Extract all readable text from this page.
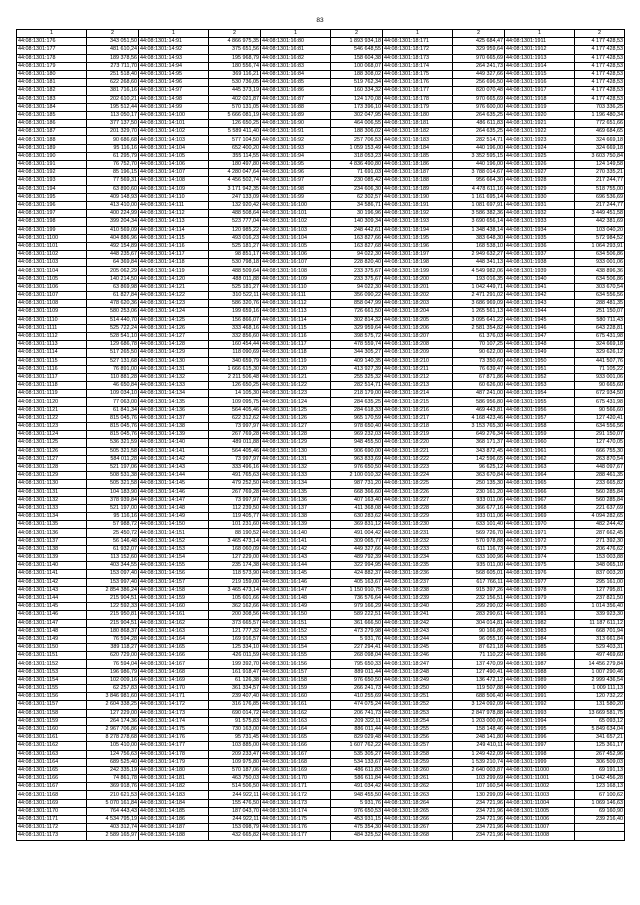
83
1	2	1	2	1	2	1	2	1	2
44:08:1301:176	343 051,50	44:08:1301:14:91	4 866 975,35	44:08:1301:16:80	1 893 934,18	44:08:1301:18:171	425 684,47	44:08:1301:1911	4 177 428,53
44:08:1301:177	481 610,24	44:08:1301:14:92	375 651,56	44:08:1301:16:81	546 648,55	44:08:1301:18:172	329 959,64	44:08:1301:1912	4 177 428,53
44:08:1301:178	189 378,56	44:08:1301:14:93	195 968,79	44:08:1301:16:82	158 604,38	44:08:1301:18:173	970 665,69	44:08:1301:1913	4 177 428,53
44:08:1301:179	273 711,70	44:08:1301:14:94	180 556,74	44:08:1301:16:83	100 068,07	44:08:1301:18:174	264 241,73	44:08:1301:1914	4 177 428,53
44:08:1301:180	251 518,40	44:08:1301:14:95	369 116,21	44:08:1301:16:84	188 308,02	44:08:1301:18:175	449 327,66	44:08:1301:1915	4 177 428,53
44:08:1301:181	622 268,60	44:08:1301:14:96	530 736,05	44:08:1301:16:85	519 762,34	44:08:1301:18:176	256 696,50	44:08:1301:1916	4 177 428,53
44:08:1301:182	381 716,16	44:08:1301:14:97	445 373,19	44:08:1301:16:86	160 334,32	44:08:1301:18:177	820 070,48	44:08:1301:1917	4 177 428,53
44:08:1301:183	202 610,21	44:08:1301:14:98	402 021,87	44:08:1301:16:87	124 170,08	44:08:1301:18:178	970 665,69	44:08:1301:1918	4 177 428,53
44:08:1301:184	195 512,44	44:08:1301:14:99	570 131,05	44:08:1301:16:88	173 396,10	44:08:1301:18:179	976 600,00	44:08:1301:1919	703 336,25
44:08:1301:185	113 050,17	44:08:1301:14:100	5 666 081,19	44:08:1301:16:89	302 047,95	44:08:1301:18:180	264 635,25	44:08:1301:1920	1 196 480,34
44:08:1301:186	377 137,50	44:08:1301:14:101	126 650,25	44:08:1301:16:90	464 006,55	44:08:1301:18:181	486 611,83	44:08:1301:1921	772 651,66
44:08:1301:187	201 329,70	44:08:1301:14:102	5 589 411,40	44:08:1301:16:91	188 306,02	44:08:1301:18:182	264 635,25	44:08:1301:1922	469 684,65
44:08:1301:188	90 686,68	44:08:1301:14:103	577 104,50	44:08:1301:16:92	257 706,53	44:08:1301:18:183	282 514,71	44:08:1301:1923	324 669,18
44:08:1301:189	95 116,16	44:08:1301:14:104	652 400,20	44:08:1301:16:93	1 059 153,49	44:08:1301:18:184	440 196,00	44:08:1301:1924	324 669,18
44:08:1301:190	61 295,79	44:08:1301:14:105	355 114,55	44:08:1301:16:94	318 053,23	44:08:1301:18:185	3 352 595,15	44:08:1301:1925	3 603 750,84
44:08:1301:191	76 752,70	44:08:1301:14:106	180 497,80	44:08:1301:16:95	4 836 490,80	44:08:1301:18:186	440 196,00	44:08:1301:1926	124 149,58
44:08:1301:192	85 196,15	44:08:1301:14:107	4 280 047,64	44:08:1301:16:96	71 691,03	44:08:1301:18:187	3 788 014,67	44:08:1301:1927	270 335,21
44:08:1301:193	77 569,31	44:08:1301:14:108	4 456 502,74	44:08:1301:16:97	230 085,42	44:08:1301:18:188	956 664,30	44:08:1301:1928	217 244,77
44:08:1301:194	63 890,60	44:08:1301:14:109	3 171 942,35	44:08:1301:16:98	234 606,30	44:08:1301:18:189	4 478 611,16	44:08:1301:1929	518 755,00
44:08:1301:195	409 148,93	44:08:1301:14:110	247 133,09	44:08:1301:16:99	62 302,57	44:08:1301:18:190	1 161 695,14	44:08:1301:1930	696 536,69
44:08:1301:196	413 410,00	44:08:1301:14:111	132 920,42	44:08:1301:16:100	34 586,71	44:08:1301:18:191	1 081 697,91	44:08:1301:1931	217 244,77
44:08:1301:197	400 224,99	44:08:1301:14:112	488 508,64	44:08:1301:16:101	30 196,96	44:08:1301:18:192	3 586 382,36	44:08:1301:1932	3 449 451,58
44:08:1301:198	399 204,34	44:08:1301:14:113	523 777,04	44:08:1301:16:102	140 309,34	44:08:1301:18:193	3 690 656,14	44:08:1301:1933	442 381,69
44:08:1301:199	410 569,09	44:08:1301:14:114	120 985,22	44:08:1301:16:103	248 442,61	44:08:1301:18:194	1 348 438,14	44:08:1301:1934	103 040,20
44:08:1301:1100	404 886,96	44:08:1301:14:115	493 016,23	44:08:1301:16:104	163 827,66	44:08:1301:18:195	383 648,30	44:08:1301:1935	572 984,52
44:08:1301:1101	492 154,89	44:08:1301:14:116	525 181,27	44:08:1301:16:105	163 827,68	44:08:1301:18:196	168 538,10	44:08:1301:1936	1 064 293,91
44:08:1301:1102	448 235,67	44:08:1301:14:117	98 851,17	44:08:1301:16:106	94 022,30	44:08:1301:18:197	2 949 632,27	44:08:1301:1937	634 506,86
44:08:1301:1103	64 369,84	44:08:1301:14:118	530 798,18	44:08:1301:16:107	228 820,40	44:08:1301:18:198	448 341,13	44:08:1301:1938	933 001,06
44:08:1301:1104	205 062,29	44:08:1301:14:119	488 509,64	44:08:1301:16:108	233 375,67	44:08:1301:18:199	4 549 982,06	44:08:1301:1939	438 896,36
44:08:1301:1105	140 214,50	44:08:1301:14:120	488 011,88	44:08:1301:16:109	233 375,67	44:08:1301:18:200	193 016,35	44:08:1301:1940	634 506,86
44:08:1301:1106	63 869,98	44:08:1301:14:121	525 181,27	44:08:1301:16:110	94 022,30	44:08:1301:18:201	1 042 449,71	44:08:1301:1941	303 670,54
44:08:1301:1107	61 827,84	44:08:1301:14:122	310 522,11	44:08:1301:16:111	356 090,22	44:08:1301:18:202	2 471 291,02	44:08:1301:1942	634 556,56
44:08:1301:1108	478 620,36	44:08:1301:14:123	586 320,76	44:08:1301:16:112	858 047,99	44:08:1301:18:203	3 686 969,09	44:08:1301:1943	288 481,35
44:08:1301:1109	580 253,06	44:08:1301:14:124	199 659,16	44:08:1301:16:113	726 661,50	44:08:1301:18:204	1 265 561,13	44:08:1301:1944	251 150,07
44:08:1301:1110	514 440,70	44:08:1301:14:125	156 866,07	44:08:1301:16:114	302 814,32	44:08:1301:18:205	3 095 641,22	44:08:1301:1945	580 711,43
44:08:1301:1111	525 722,24	44:08:1301:14:126	333 468,16	44:08:1301:16:115	329 959,64	44:08:1301:18:206	2 581 354,82	44:08:1301:1946	643 228,81
44:08:1301:1112	528 541,10	44:08:1301:14:127	332 856,60	44:08:1301:16:116	398 575,72	44:08:1301:18:207	61 376,03	44:08:1301:1947	675 431,98
44:08:1301:1113	129 686,78	44:08:1301:14:128	160 454,44	44:08:1301:16:117	478 559,74	44:08:1301:18:208	70 107,25	44:08:1301:1948	324 669,18
44:08:1301:1114	517 265,50	44:08:1301:14:129	118 090,69	44:08:1301:16:118	344 305,27	44:08:1301:18:209	90 622,00	44:08:1301:1949	329 626,12
44:08:1301:1115	527 131,68	44:08:1301:14:130	340 659,79	44:08:1301:16:119	409 140,35	44:08:1301:18:210	73 350,60	44:08:1301:1950	441 507,76
44:08:1301:1116	76 891,00	44:08:1301:14:131	1 666 615,30	44:08:1301:16:120	413 927,39	44:08:1301:18:211	76 639,47	44:08:1301:1951	71 105,22
44:08:1301:1117	110 881,28	44:08:1301:14:132	2 211 506,48	44:08:1301:16:121	255 325,32	44:08:1301:18:212	67 871,86	44:08:1301:1952	933 001,06
44:08:1301:1118	46 650,84	44:08:1301:14:133	126 650,25	44:08:1301:16:122	282 514,71	44:08:1301:18:213	60 626,00	44:08:1301:1953	90 665,60
44:08:1301:1119	109 034,10	44:08:1301:14:134	14 105,30	44:08:1301:16:123	218 179,00	44:08:1301:18:214	487 241,00	44:08:1301:1954	672 934,50
44:08:1301:1120	77 063,00	44:08:1301:14:135	109 095,75	44:08:1301:16:124	284 635,25	44:08:1301:18:215	586 956,80	44:08:1301:1955	675 431,98
44:08:1301:1121	61 841,34	44:08:1301:14:136	564 405,46	44:08:1301:16:125	284 618,33	44:08:1301:18:216	469 443,81	44:08:1301:1956	90 566,60
44:08:1301:1122	815 045,76	44:08:1301:14:137	622 312,62	44:08:1301:16:126	965 170,59	44:08:1301:18:217	4 168 423,46	44:08:1301:1957	127 420,41
44:08:1301:1123	815 045,76	44:08:1301:14:138	73 997,97	44:08:1301:16:127	978 650,40	44:08:1301:18:218	3 153 765,30	44:08:1301:1958	634 556,56
44:08:1301:1124	815 045,76	44:08:1301:14:139	267 769,28	44:08:1301:16:128	969 232,03	44:08:1301:18:219	649 276,34	44:08:1301:1959	291 150,07
44:08:1301:1125	536 321,59	44:08:1301:14:140	489 011,88	44:08:1301:16:129	948 455,50	44:08:1301:18:220	368 171,37	44:08:1301:1960	127 470,05
44:08:1301:1126	505 321,58	44:08:1301:14:141	564 405,46	44:08:1301:16:130	906 690,00	44:08:1301:18:221	343 872,45	44:08:1301:1961	666 755,30
44:08:1301:1127	584 011,28	44:08:1301:14:142	73 997,97	44:08:1301:16:131	963 833,69	44:08:1301:18:222	142 596,65	44:08:1301:1962	263 870,54
44:08:1301:1128	521 197,06	44:08:1301:14:143	333 496,16	44:08:1301:16:132	976 650,50	44:08:1301:18:223	96 625,12	44:08:1301:1963	448 097,67
44:08:1301:1129	508 531,38	44:08:1301:14:144	491 765,63	44:08:1301:16:133	2 100 010,32	44:08:1301:18:224	363 670,84	44:08:1301:1964	288 461,35
44:08:1301:1130	505 321,58	44:08:1301:14:145	479 252,50	44:08:1301:16:134	987 731,20	44:08:1301:18:225	250 135,30	44:08:1301:1965	233 665,82
44:08:1301:1131	104 183,90	44:08:1301:14:146	267 769,28	44:08:1301:16:135	668 366,60	44:08:1301:18:226	230 161,20	44:08:1301:1966	560 285,84
44:08:1301:1132	378 939,84	44:08:1301:14:147	73 997,97	44:08:1301:16:136	407 163,40	44:08:1301:18:227	933 011,06	44:08:1301:1967	560 285,84
44:08:1301:1133	521 197,00	44:08:1301:14:148	112 239,50	44:08:1301:16:137	411 368,08	44:08:1301:18:228	366 677,16	44:08:1301:1968	221 637,69
44:08:1301:1134	95 116,16	44:08:1301:14:149	119 405,77	44:08:1301:16:138	630 283,62	44:08:1301:18:229	933 011,06	44:08:1301:1969	4 094 282,65
44:08:1301:1135	57 988,72	44:08:1301:14:150	101 231,60	44:08:1301:16:139	369 831,12	44:08:1301:18:230	633 101,40	44:08:1301:1970	482 244,42
44:08:1301:1136	25 450,72	44:08:1301:14:151	88 190,52	44:08:1301:16:140	491 004,42	44:08:1301:18:231	569 726,70	44:08:1301:1971	287 662,45
44:08:1301:1137	56 146,48	44:08:1301:14:152	3 465 473,14	44:08:1301:16:141	309 065,77	44:08:1301:18:232	570 978,88	44:08:1301:1972	271 392,30
44:08:1301:1138	61 932,07	44:08:1301:14:153	168 060,09	44:08:1301:16:142	449 327,66	44:08:1301:18:233	611 116,73	44:08:1301:1973	206 476,62
44:08:1301:1139	113 152,60	44:08:1301:14:154	127 229,00	44:08:1301:16:143	489 792,39	44:08:1301:18:234	633 100,96	44:08:1301:1974	153 003,88
44:08:1301:1140	403 344,55	44:08:1301:14:155	235 174,38	44:08:1301:16:144	322 994,95	44:08:1301:18:235	935 011,00	44:08:1301:1975	348 065,10
44:08:1301:1141	153 097,40	44:08:1301:14:156	118 573,90	44:08:1301:16:145	424 882,37	44:08:1301:18:236	568 605,01	44:08:1301:1976	837 003,20
44:08:1301:1142	153 997,40	44:08:1301:14:157	219 159,00	44:08:1301:16:146	405 163,67	44:08:1301:18:237	617 766,11	44:08:1301:1977	295 161,00
44:08:1301:1143	2 854 386,24	44:08:1301:14:158	3 465 473,14	44:08:1301:16:147	1 150 910,75	44:08:1301:18:238	915 397,26	44:08:1301:1978	127 795,81
44:08:1301:1144	215 904,51	44:08:1301:14:159	105 601,66	44:08:1301:16:148	736 576,64	44:08:1301:18:239	232 156,51	44:08:1301:1979	237 821,50
44:08:1301:1145	122 592,33	44:08:1301:14:160	362 162,66	44:08:1301:16:149	979 166,29	44:08:1301:18:240	299 290,02	44:08:1301:1980	1 014 356,40
44:08:1301:1146	215 950,81	44:08:1301:14:161	200 308,56	44:08:1301:16:150	589 222,51	44:08:1301:18:241	283 290,61	44:08:1301:1981	339 923,30
44:08:1301:1147	215 904,51	44:08:1301:14:162	373 665,57	44:08:1301:16:151	361 666,50	44:08:1301:18:242	304 014,81	44:08:1301:1982	11 187 611,12
44:08:1301:1148	180 868,37	44:08:1301:14:163	121 777,32	44:08:1301:16:152	473 279,98	44:08:1301:18:243	90 166,80	44:08:1301:1983	668 701,94
44:08:1301:1149	76 594,28	44:08:1301:14:164	169 916,57	44:08:1301:16:153	5 931,76	44:08:1301:18:244	96 055,16	44:08:1301:1984	313 661,84
44:08:1301:1150	389 118,27	44:08:1301:14:165	125 334,10	44:08:1301:16:154	227 294,41	44:08:1301:18:245	87 621,18	44:08:1301:1985	529 403,31
44:08:1301:1151	620 729,00	44:08:1301:14:166	426 011,59	44:08:1301:16:155	268 098,04	44:08:1301:18:246	71 110,22	44:08:1301:1986	497 469,60
44:08:1301:1152	76 594,04	44:08:1301:14:167	199 392,70	44:08:1301:16:156	795 650,33	44:08:1301:18:247	137 470,09	44:08:1301:1987	14 456 279,84
44:08:1301:1153	196 986,79	44:08:1301:14:168	161 918,47	44:08:1301:16:157	889 011,44	44:08:1301:18:248	127 490,41	44:08:1301:1988	1 007 290,46
44:08:1301:1154	102 009,16	44:08:1301:14:169	61 126,38	44:08:1301:16:158	976 650,50	44:08:1301:18:249	136 472,12	44:08:1301:1989	2 999 436,54
44:08:1301:1155	62 257,83	44:08:1301:14:170	361 334,57	44:08:1301:16:159	266 241,73	44:08:1301:18:250	119 507,88	44:08:1301:1990	1 009 111,13
44:08:1301:1156	3 846 981,60	44:08:1301:14:171	239 407,40	44:08:1301:16:160	410 255,69	44:08:1301:18:251	688 506,40	44:08:1301:1991	120 732,22
44:08:1301:1157	2 604 338,25	44:08:1301:14:172	316 176,85	44:08:1301:16:161	474 075,24	44:08:1301:18:252	3 124 092,09	44:08:1301:1992	131 580,20
44:08:1301:1158	127 229,00	44:08:1301:14:173	690 014,72	44:08:1301:16:162	206 741,73	44:08:1301:18:253	2 847 978,88	44:08:1301:1993	13 669 581,75
44:08:1301:1159	264 174,36	44:08:1301:14:174	91 575,83	44:08:1301:16:163	209 322,11	44:08:1301:18:254	1 203 000,00	44:08:1301:1994	65 093,12
44:08:1301:1160	2 967 706,86	44:08:1301:14:175	730 163,00	44:08:1301:16:164	886 011,44	44:08:1301:18:255	158 148,46	44:08:1301:1995	5 849 634,04
44:08:1301:1161	8 278 278,68	44:08:1301:14:176	95 731,45	44:08:1301:16:165	829 029,48	44:08:1301:18:256	248 141,80	44:08:1301:1996	341 657,21
44:08:1301:1162	105 410,00	44:08:1301:14:177	103 885,00	44:08:1301:16:166	1 607 762,22	44:08:1301:18:257	249 410,11	44:08:1301:1997	125 361,17
44:08:1301:1163	124 756,63	44:08:1301:14:178	209 233,47	44:08:1301:16:167	535 305,27	44:08:1301:18:258	1 249 422,09	44:08:1301:1998	267 452,96
44:08:1301:1164	689 525,40	44:08:1301:14:179	109 975,80	44:08:1301:16:168	534 133,67	44:08:1301:18:259	1 539 210,74	44:08:1301:1999	306 509,03
44:08:1301:1165	242 335,19	44:08:1301:14:180	570 187,06	44:08:1301:16:169	486 611,83	44:08:1301:18:260	2 640 003,87	44:08:1301:11000	69 191,13
44:08:1301:1166	74 861,78	44:08:1301:14:181	463 750,03	44:08:1301:16:170	586 611,84	44:08:1301:18:261	103 299,69	44:08:1301:11001	1 042 456,28
44:08:1301:1167	369 918,76	44:08:1301:14:182	514 506,50	44:08:1301:16:171	491 034,42	44:08:1301:18:262	107 160,54	44:08:1301:11002	123 168,13
44:08:1301:1168	210 621,53	44:08:1301:14:183	244 922,11	44:08:1301:16:172	948 455,50	44:08:1301:18:263	130 299,09	44:08:1301:11003	67 100,62
44:08:1301:1169	5 070 161,84	44:08:1301:14:184	155 476,50	44:08:1301:16:173	5 931,76	44:08:1301:18:264	234 721,96	44:08:1301:11004	1 069 146,63
44:08:1301:1170	764 443,43	44:08:1301:14:185	187 043,70	44:08:1301:16:174	976 650,53	44:08:1301:18:265	234 721,96	44:08:1301:11005	69 160,90
44:08:1301:1171	4 534 795,19	44:08:1301:14:186	244 922,11	44:08:1301:16:175	453 931,15	44:08:1301:18:266	234 721,96	44:08:1301:11006	239 216,40
44:08:1301:1172	403 312,74	44:08:1301:14:187	153 098,79	44:08:1301:16:176	475 354,30	44:08:1301:18:267	234 721,96	44:08:1301:11007	
44:08:1301:1173	2 589 165,97	44:08:1301:14:188	432 665,82	44:08:1301:16:177	484 325,52	44:08:1301:18:268	234 721,96	44:08:1301:11008	
